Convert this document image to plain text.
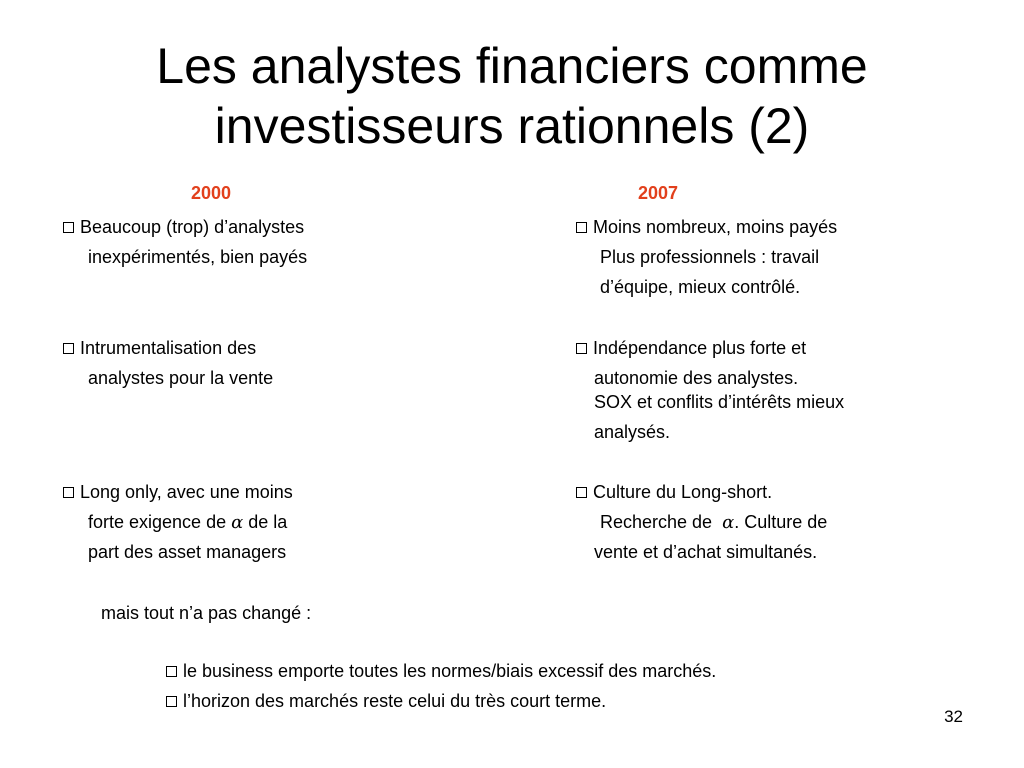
Les analystes financiers comme
investisseurs rationnels (2)
2000	2007
Beaucoup (trop) d’analystes
inexpérimentés, bien payés
Intrumentalisation des
analystes pour la vente
Long only, avec une moins
forte exigence de α de la
part des asset managers
Moins nombreux, moins payés
Plus professionnels : travail
d’équipe, mieux contrôlé.
Indépendance plus forte et
autonomie des analystes.
SOX et conflits d’intérêts mieux
analysés.
Culture du Long-short.
Recherche de α. Culture de
vente et d’achat simultanés.
mais tout n’a pas changé :
le business emporte toutes les normes/biais excessif des marchés.
l’horizon des marchés reste celui du très court terme.
32
